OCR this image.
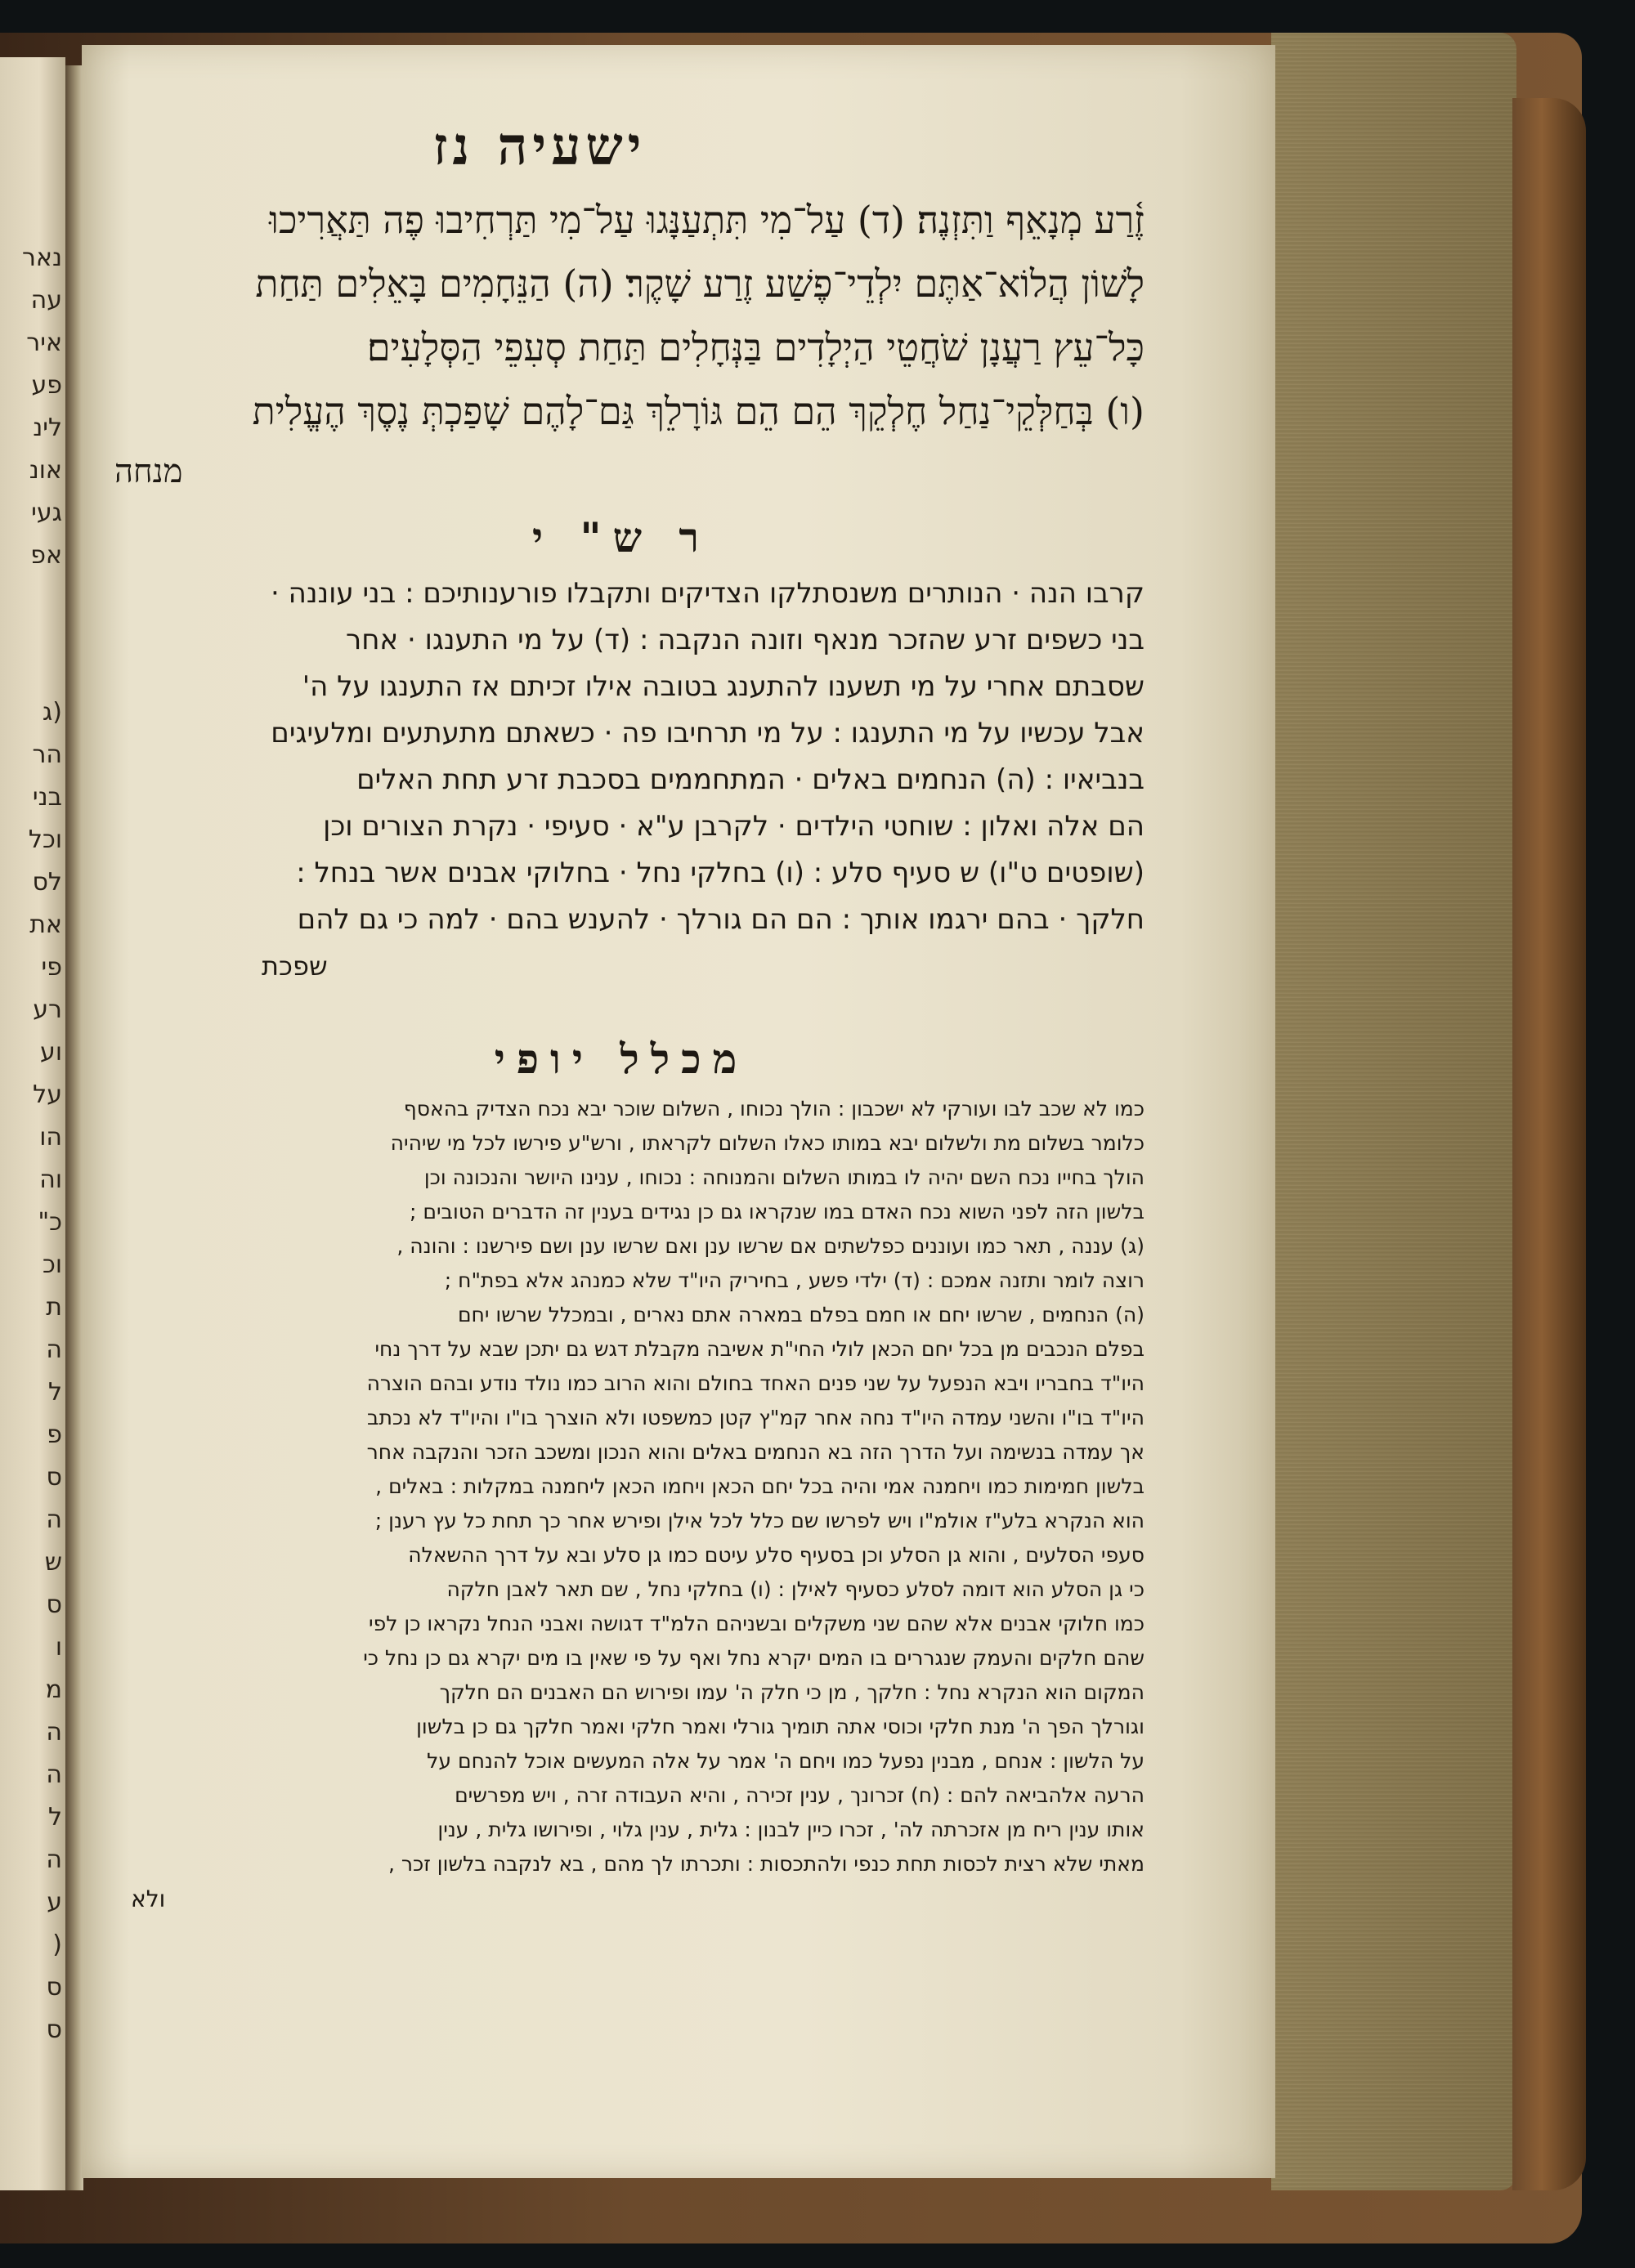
נאר
עה
איר
פע
לינ
אונ
געי
אפ
(ג
הר
בני
וכל
לס
את
פי
רע
וע
על
הו
וה
כ"
וכ
ת
ה
ל
פ
ס
ה
ש
ס
ו
מ
ה
ה
ל
ה
ע
(
ס
ס
ישעיה נז
זֶ֫רַע מְנָאֵף וַתִּזְנֶה׃ (ד) עַל־מִי תִּתְעַנָּגוּ עַל־מִי תַּרְחִיבוּ פֶה תַּאֲרִיכוּ
לָשׁוֹן הֲלוֹא־אַתֶּם יִלְדֵי־פֶשַׁע זֶרַע שָׁקֶר׃ (ה) הַנֵּחָמִים בָּאֵלִים תַּחַת
כָּל־עֵץ רַעֲנָן שֹׁחֲטֵי הַיְלָדִים בַּנְּחָלִים תַּחַת סְעִפֵי הַסְּלָעִים׃
(ו) בְּחַלְּקֵי־נַחַל חֶלְקֵךְ הֵם הֵם גּוֹרָלֵךְ גַּם־לָהֶם שָׁפַכְתְּ נֶסֶךְ הֶעֱלִית
מנחה
ר ש" י
קרבו הנה · הנותרים משנסתלקו הצדיקים ותקבלו פורענותיכם : בני עוננה ·
בני כשפים זרע שהזכר מנאף וזונה הנקבה : (ד) על מי התענגו · אחר
שסבתם אחרי על מי תשענו להתענג בטובה אילו זכיתם אז התענגו על ה'
אבל עכשיו על מי התענגו : על מי תרחיבו פה · כשאתם מתעתעים ומלעיגים
בנביאיו : (ה) הנחמים באלים · המתחממים בסכבת זרע תחת האלים
הם אלה ואלון : שוחטי הילדים · לקרבן ע"א · סעיפי · נקרת הצורים וכן
(שופטים ט"ו) ש סעיף סלע : (ו) בחלקי נחל · בחלוקי אבנים אשר בנחל :
חלקך · בהם ירגמו אותך : הם הם גורלך · להענש בהם · למה כי גם להם
שפכת
מכלל יופי
כמו לא שכב לבו ועורקי לא ישכבון : הולך נכוחו , השלום שוכר יבא נכח הצדיק בהאסף
כלומר בשלום מת ולשלום יבא במותו כאלו השלום לקראתו , ורש"ע פירשו לכל מי שיהיה
הולך בחייו נכח השם יהיה לו במותו השלום והמנוחה : נכוחו , ענינו היושר והנכונה וכן
בלשון הזה לפני השוא נכח האדם במו שנקראו גם כן נגידים בענין זה הדברים הטובים ;
(ג) עננה , תאר כמו ועוננים כפלשתים אם שרשו ענן ואם שרשו ענן ושם פירשנו : והונה ,
רוצה לומר ותזנה אמכם : (ד) ילדי פשע , בחיריק היו"ד שלא כמנהג אלא בפת"ח ;
(ה) הנחמים , שרשו יחם או חמם בפלם במארה אתם נארים , ובמכלל שרשו יחם
בפלם הנכבים מן בכל יחם הכאן לולי החי"ת אשיבה מקבלת דגש גם יתכן שבא על דרך נחי
היו"ד בחבריו ויבא הנפעל על שני פנים האחד בחולם והוא הרוב כמו נולד נודע ובהם הוצרה
היו"ד בו"ו והשני עמדה היו"ד נחה אחר קמ"ץ קטן כמשפטו ולא הוצרך בו"ו והיו"ד לא נכתב
אך עמדה בנשימה ועל הדרך הזה בא הנחמים באלים והוא הנכון ומשכב הזכר והנקבה אחר
בלשון חמימות כמו ויחמנה אמי והיה בכל יחם הכאן ויחמו הכאן ליחמנה במקלות : באלים ,
הוא הנקרא בלע"ז אולמ"ו ויש לפרשו שם כלל לכל אילן ופירש אחר כך תחת כל עץ רענן ;
סעפי הסלעים , והוא גן הסלע וכן בסעיף סלע עיטם כמו גן סלע ובא על דרך ההשאלה
כי גן הסלע הוא דומה לסלע כסעיף לאילן : (ו) בחלקי נחל , שם תאר לאבן חלקה
כמו חלוקי אבנים אלא שהם שני משקלים ובשניהם הלמ"ד דגושה ואבני הנחל נקראו כן לפי
שהם חלקים והעמק שנגררים בו המים יקרא נחל ואף על פי שאין בו מים יקרא גם כן נחל כי
המקום הוא הנקרא נחל : חלקך , מן כי חלק ה' עמו ופירוש הם האבנים הם חלקך
וגורלך הפך ה' מנת חלקי וכוסי אתה תומיך גורלי ואמר חלקי ואמר חלקך גם כן בלשון
על הלשון : אנחם , מבנין נפעל כמו ויחם ה' אמר על אלה המעשים אוכל להנחם על
הרעה אלהביאה להם : (ח) זכרונך , ענין זכירה , והיא העבודה זרה , ויש מפרשים
אותו ענין ריח מן אזכרתה לה' , זכרו כיין לבנון : גלית , ענין גלוי , ופירושו גלית , ענין
מאתי שלא רצית לכסות תחת כנפי ולהתכסות : ותכרתו לך מהם , בא לנקבה בלשון זכר ,
ולא
